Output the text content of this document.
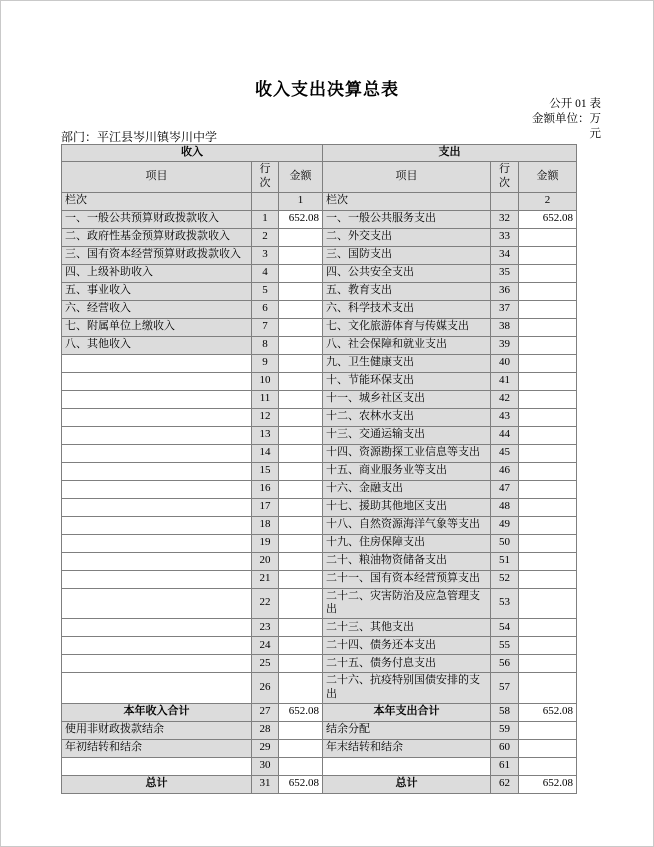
收入支出决算总表
公开 01 表
金额单位：万元
部门：平江县岑川镇岑川中学
收入			支出		
项目	行次	金额	项目	行次	金额
栏次		1	栏次		2
一、一般公共预算财政拨款收入	1	652.08	一、一般公共服务支出	32	652.08
二、政府性基金预算财政拨款收入	2		二、外交支出	33	
三、国有资本经营预算财政拨款收入	3		三、国防支出	34	
四、上级补助收入	4		四、公共安全支出	35	
五、事业收入	5		五、教育支出	36	
六、经营收入	6		六、科学技术支出	37	
七、附属单位上缴收入	7		七、文化旅游体育与传媒支出	38	
八、其他收入	8		八、社会保障和就业支出	39	
	9		九、卫生健康支出	40	
	10		十、节能环保支出	41	
	11		十一、城乡社区支出	42	
	12		十二、农林水支出	43	
	13		十三、交通运输支出	44	
	14		十四、资源勘探工业信息等支出	45	
	15		十五、商业服务业等支出	46	
	16		十六、金融支出	47	
	17		十七、援助其他地区支出	48	
	18		十八、自然资源海洋气象等支出	49	
	19		十九、住房保障支出	50	
	20		二十、粮油物资储备支出	51	
	21		二十一、国有资本经营预算支出	52	
	22		二十二、灾害防治及应急管理支出	53	
	23		二十三、其他支出	54	
	24		二十四、债务还本支出	55	
	25		二十五、债务付息支出	56	
	26		二十六、抗疫特别国债安排的支出	57	
本年收入合计	27	652.08	本年支出合计	58	652.08
使用非财政拨款结余	28		结余分配	59	
年初结转和结余	29		年末结转和结余	60	
	30			61	
总计	31	652.08	总计	62	652.08
